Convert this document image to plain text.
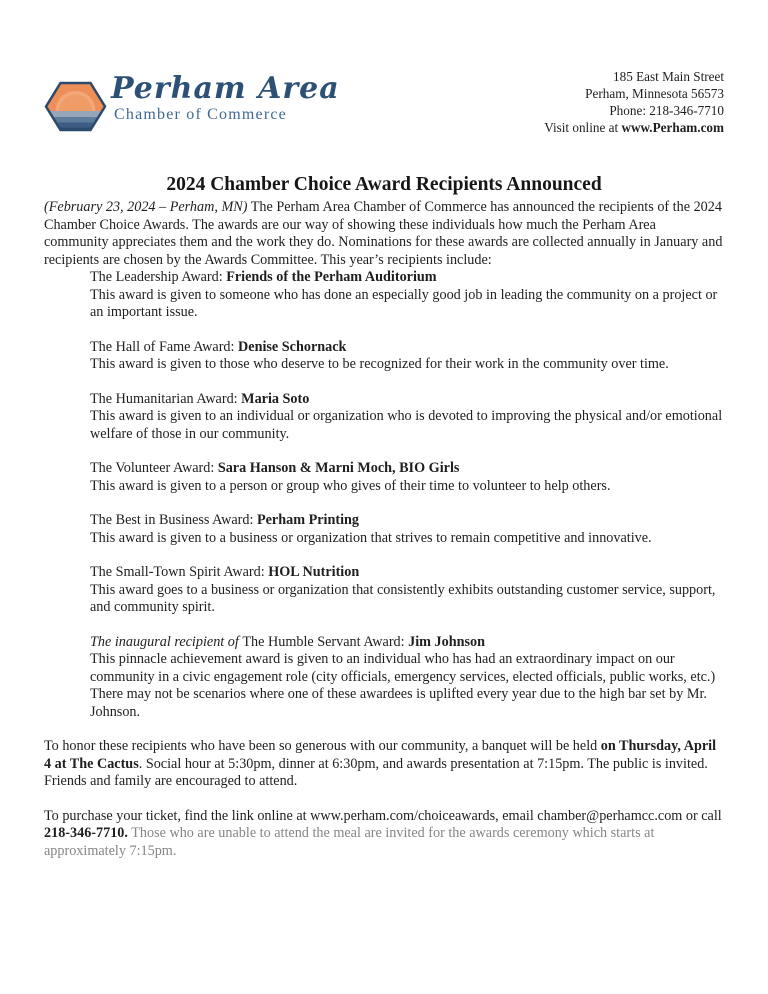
Perham Area
Chamber of Commerce
185 East Main Street
Perham, Minnesota 56573
Phone: 218-346-7710
Visit online at www.Perham.com
2024 Chamber Choice Award Recipients Announced

(February 23, 2024 – Perham, MN) The Perham Area Chamber of Commerce has announced the recipients of the 2024 Chamber Choice Awards. The awards are our way of showing these individuals how much the Perham Area community appreciates them and the work they do. Nominations for these awards are collected annually in January and recipients are chosen by the Awards Committee. This year’s recipients include:

The Leadership Award: Friends of the Perham Auditorium
This award is given to someone who has done an especially good job in leading the community on a project or an important issue.
The Hall of Fame Award: Denise Schornack
This award is given to those who deserve to be recognized for their work in the community over time.
The Humanitarian Award: Maria Soto
This award is given to an individual or organization who is devoted to improving the physical and/or emotional welfare of those in our community.
The Volunteer Award: Sara Hanson & Marni Moch, BIO Girls
This award is given to a person or group who gives of their time to volunteer to help others.
The Best in Business Award: Perham Printing
This award is given to a business or organization that strives to remain competitive and innovative.
The Small-Town Spirit Award: HOL Nutrition
This award goes to a business or organization that consistently exhibits outstanding customer service, support, and community spirit.
The inaugural recipient of The Humble Servant Award: Jim Johnson
This pinnacle achievement award is given to an individual who has had an extraordinary impact on our community in a civic engagement role (city officials, emergency services, elected officials, public works, etc.) There may not be scenarios where one of these awardees is uplifted every year due to the high bar set by Mr. Johnson.

To honor these recipients who have been so generous with our community, a banquet will be held on Thursday, April 4 at The Cactus. Social hour at 5:30pm, dinner at 6:30pm, and awards presentation at 7:15pm. The public is invited. Friends and family are encouraged to attend.

To purchase your ticket, find the link online at www.perham.com/choiceawards, email chamber@perhamcc.com or call 218-346-7710. Those who are unable to attend the meal are invited for the awards ceremony which starts at approximately 7:15pm.
